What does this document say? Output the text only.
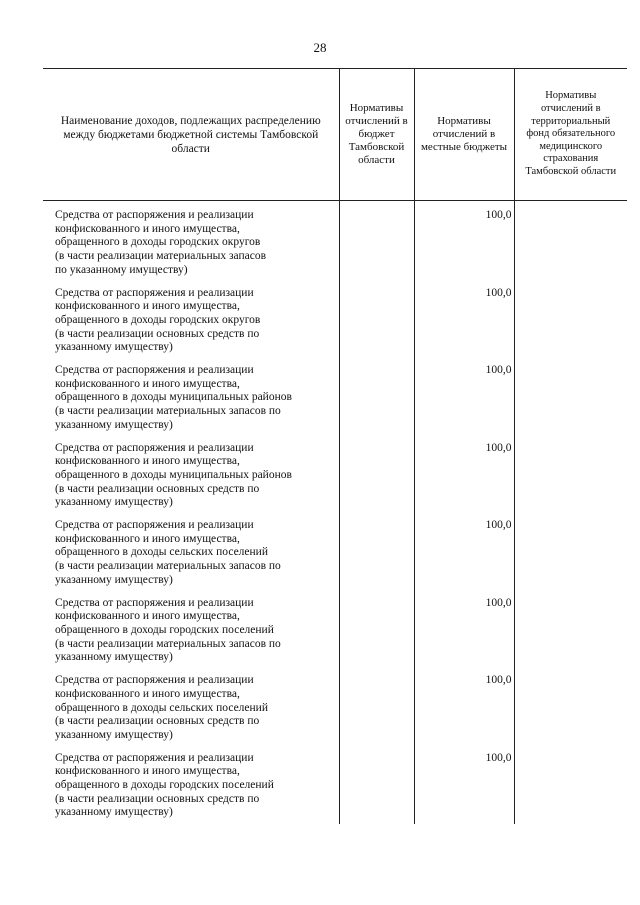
28
Наименование доходов, подлежащих распределению между бюджетами бюджетной системы Тамбовской области	Нормативы отчислений в бюджет Тамбовской области	Нормативы отчислений в местные бюджеты	Нормативы отчислений в территориальный фонд обязательного медицинского страхования Тамбовской области

Средства от распоряжения и реализации
конфискованного и иного имущества,
обращенного в доходы городских округов
(в части реализации материальных запасов
по указанному имуществу)		100,0	

Средства от распоряжения и реализации
конфискованного и иного имущества,
обращенного в доходы городских округов
(в части реализации основных средств по
указанному имуществу)		100,0	

Средства от распоряжения и реализации
конфискованного и иного имущества,
обращенного в доходы муниципальных районов
(в части реализации материальных запасов по
указанному имуществу)		100,0	

Средства от распоряжения и реализации
конфискованного и иного имущества,
обращенного в доходы муниципальных районов
(в части реализации основных средств по
указанному имуществу)		100,0	

Средства от распоряжения и реализации
конфискованного и иного имущества,
обращенного в доходы сельских поселений
(в части реализации материальных запасов по
указанному имуществу)		100,0	

Средства от распоряжения и реализации
конфискованного и иного имущества,
обращенного в доходы городских поселений
(в части реализации материальных запасов по
указанному имуществу)		100,0	

Средства от распоряжения и реализации
конфискованного и иного имущества,
обращенного в доходы сельских поселений
(в части реализации основных средств по
указанному имуществу)		100,0	

Средства от распоряжения и реализации
конфискованного и иного имущества,
обращенного в доходы городских поселений
(в части реализации основных средств по
указанному имуществу)		100,0	
